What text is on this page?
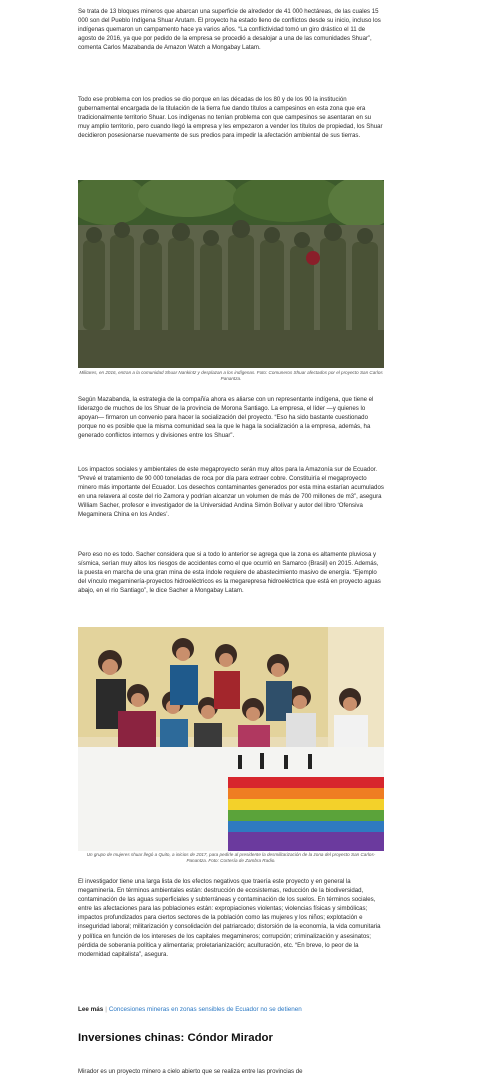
Se trata de 13 bloques mineros que abarcan una superficie de alrededor de 41 000 hectáreas, de las cuales 15 000 son del Pueblo Indígena Shuar Arutam. El proyecto ha estado lleno de conflictos desde su inicio, incluso los indígenas quemaron un campamento hace ya varios años. “La conflictividad tomó un giro drástico el 11 de agosto de 2016, ya que por pedido de la empresa se procedió a desalojar a una de las comunidades Shuar”, comenta Carlos Mazabanda de Amazon Watch a Mongabay Latam.

Todo ese problema con los predios se dio porque en las décadas de los 80 y de los 90 la institución gubernamental encargada de la titulación de la tierra fue dando títulos a campesinos en esta zona que era tradicionalmente territorio Shuar. Los indígenas no tenían problema con que campesinos se asentaran en su muy amplio territorio, pero cuando llegó la empresa y les empezaron a vender los títulos de propiedad, los Shuar decidieron posesionarse nuevamente de sus predios para impedir la afectación ambiental de sus tierras.

Militares, en 2016, entran a la comunidad Shuar Nankintz y desplazan a los indígenas. Foto: Comuneros Shuar afectados por el proyecto San Carlos Panantza.

Según Mazabanda, la estrategia de la compañía ahora es aliarse con un representante indígena, que tiene el liderazgo de muchos de los Shuar de la provincia de Morona Santiago. La empresa, el líder —y quienes lo apoyan— firmaron un convenio para hacer la socialización del proyecto. “Eso ha sido bastante cuestionado porque no es posible que la misma comunidad sea la que le haga la socialización a la empresa, además, ha generado conflictos internos y divisiones entre los Shuar”.

Los impactos sociales y ambientales de este megaproyecto serán muy altos para la Amazonía sur de Ecuador. “Prevé el tratamiento de 90 000 toneladas de roca por día para extraer cobre. Constituiría el megaproyecto minero más importante del Ecuador. Los desechos contaminantes generados por esta mina estarían acumulados en una relavera al coste del río Zamora y podrían alcanzar un volumen de más de 700 millones de m3”, asegura William Sacher, profesor e investigador de la Universidad Andina Simón Bolívar y autor del libro ‘Ofensiva Megaminera China en los Andes’.

Pero eso no es todo. Sacher considera que si a todo lo anterior se agrega que la zona es altamente pluviosa y sísmica, serían muy altos los riesgos de accidentes como el que ocurrió en Samarco (Brasil) en 2015. Además, la puesta en marcha de una gran mina de esta índole requiere de abastecimiento masivo de energía. “Ejemplo del vínculo megaminería-proyectos hidroeléctricos es la megarepresa hidroeléctrica que está en proyecto aguas abajo, en el río Santiago”, le dice Sacher a Mongabay Latam.

Un grupo de mujeres shuar llegó a Quito, a inicios de 2017, para pedirle al presidente la desmilitarización de la zona del proyecto San Carlos-Panantza. Foto: Cortesía de Zambra Radio.

El investigador tiene una larga lista de los efectos negativos que traería este proyecto y en general la megaminería. En términos ambientales están: destrucción de ecosistemas, reducción de la biodiversidad, contaminación de las aguas superficiales y subterráneas y contaminación de los suelos. En términos sociales, entre las afectaciones para las poblaciones están: expropiaciones violentas; violencias físicas y simbólicas; impactos profundizados para ciertos sectores de la población como las mujeres y los niños; explotación e inseguridad laboral; militarización y consolidación del patriarcado; distorsión de la economía, la vida comunitaria y política en función de los intereses de los capitales megamineros; corrupción; criminalización y asesinatos; pérdida de soberanía política y alimentaria; proletarianización; aculturación, etc. “En breve, lo peor de la modernidad capitalista”, asegura.

Lee más | Concesiones mineras en zonas sensibles de Ecuador no se detienen
Inversiones chinas: Cóndor Mirador

Mirador es un proyecto minero a cielo abierto que se realiza entre las provincias de
